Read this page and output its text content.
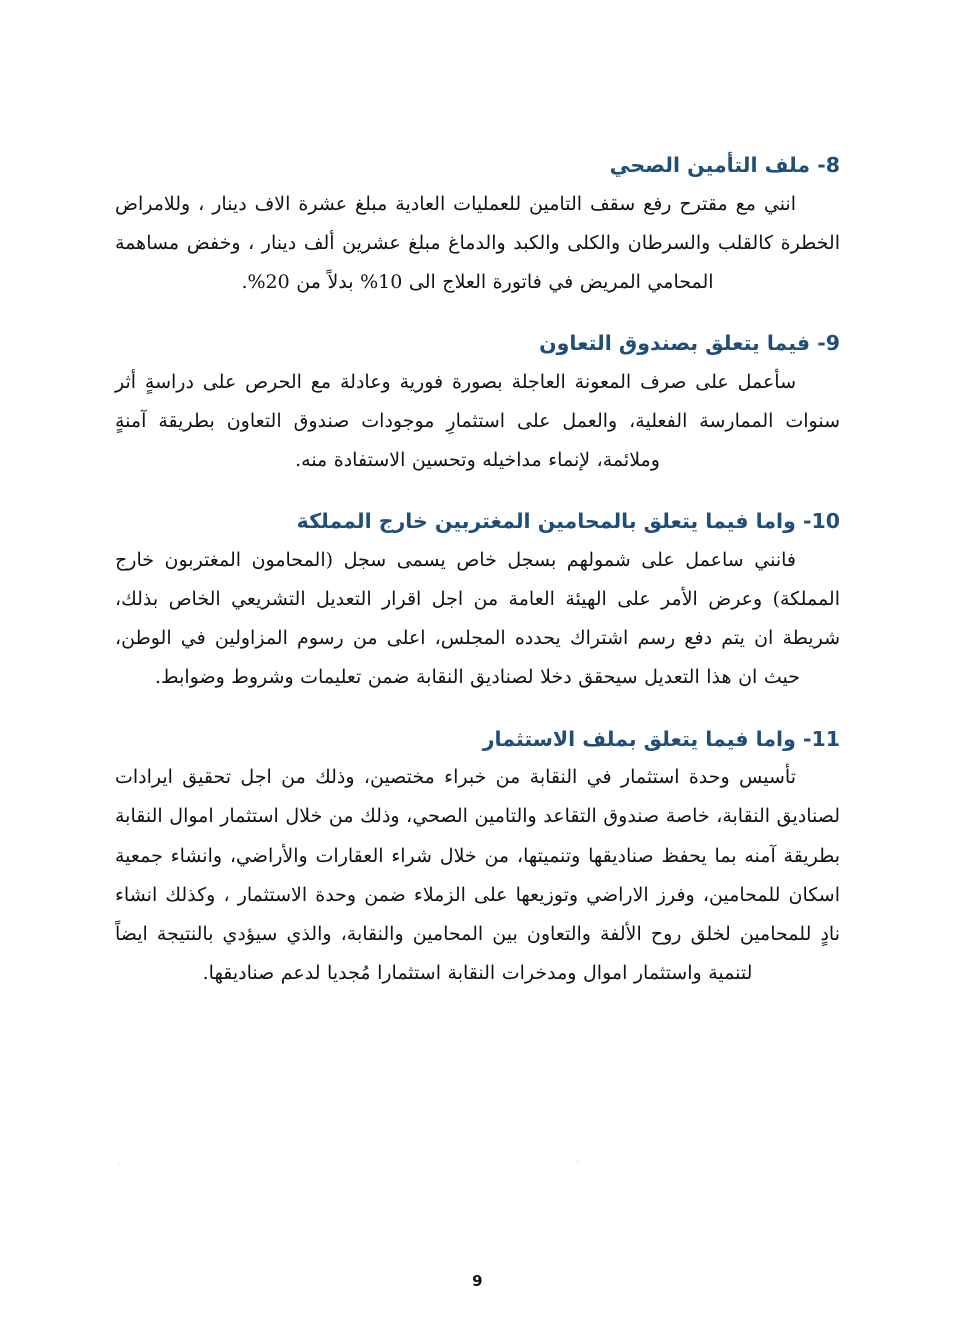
8- ملف التأمين الصحي

انني مع مقترح رفع سقف التامين للعمليات العادية مبلغ عشرة الاف دينار ، وللامراض الخطرة كالقلب والسرطان والكلى والكبد والدماغ مبلغ عشرين ألف دينار ، وخفض مساهمة المحامي المريض في فاتورة العلاج الى 10% بدلاً من 20%.

9- فيما يتعلق بصندوق التعاون

سأعمل على صرف المعونة العاجلة بصورة فورية وعادلة مع الحرص على دراسةٍ أثر سنوات الممارسة الفعلية، والعمل على استثمارِ موجودات صندوق التعاون بطريقة آمنةٍ وملائمة، لإنماء مداخيله وتحسين الاستفادة منه.

10- واما فيما يتعلق بالمحامين المغتربين خارج المملكة

فانني ساعمل على شمولهم بسجل خاص يسمى سجل (المحامون المغتربون خارج المملكة) وعرض الأمر على الهيئة العامة من اجل اقرار التعديل التشريعي الخاص بذلك، شريطة ان يتم دفع رسم اشتراك يحدده المجلس، اعلى من رسوم المزاولين في الوطن، حيث ان هذا التعديل سيحقق دخلا لصناديق النقابة ضمن تعليمات وشروط وضوابط.

11- واما فيما يتعلق بملف الاستثمار

تأسيس وحدة استثمار في النقابة من خبراء مختصين، وذلك من اجل تحقيق ايرادات لصناديق النقابة، خاصة صندوق التقاعد والتامين الصحي، وذلك من خلال استثمار اموال النقابة بطريقة آمنه بما يحفظ صناديقها وتنميتها، من خلال شراء العقارات والأراضي، وانشاء جمعية اسكان للمحامين، وفرز الاراضي وتوزيعها على الزملاء ضمن وحدة الاستثمار ، وكذلك انشاء نادٍ للمحامين لخلق روح الألفة والتعاون بين المحامين والنقابة، والذي سيؤدي بالنتيجة ايضاً لتنمية واستثمار اموال ومدخرات النقابة استثمارا مُجديا لدعم صناديقها.

ʻ	ʼ
9
